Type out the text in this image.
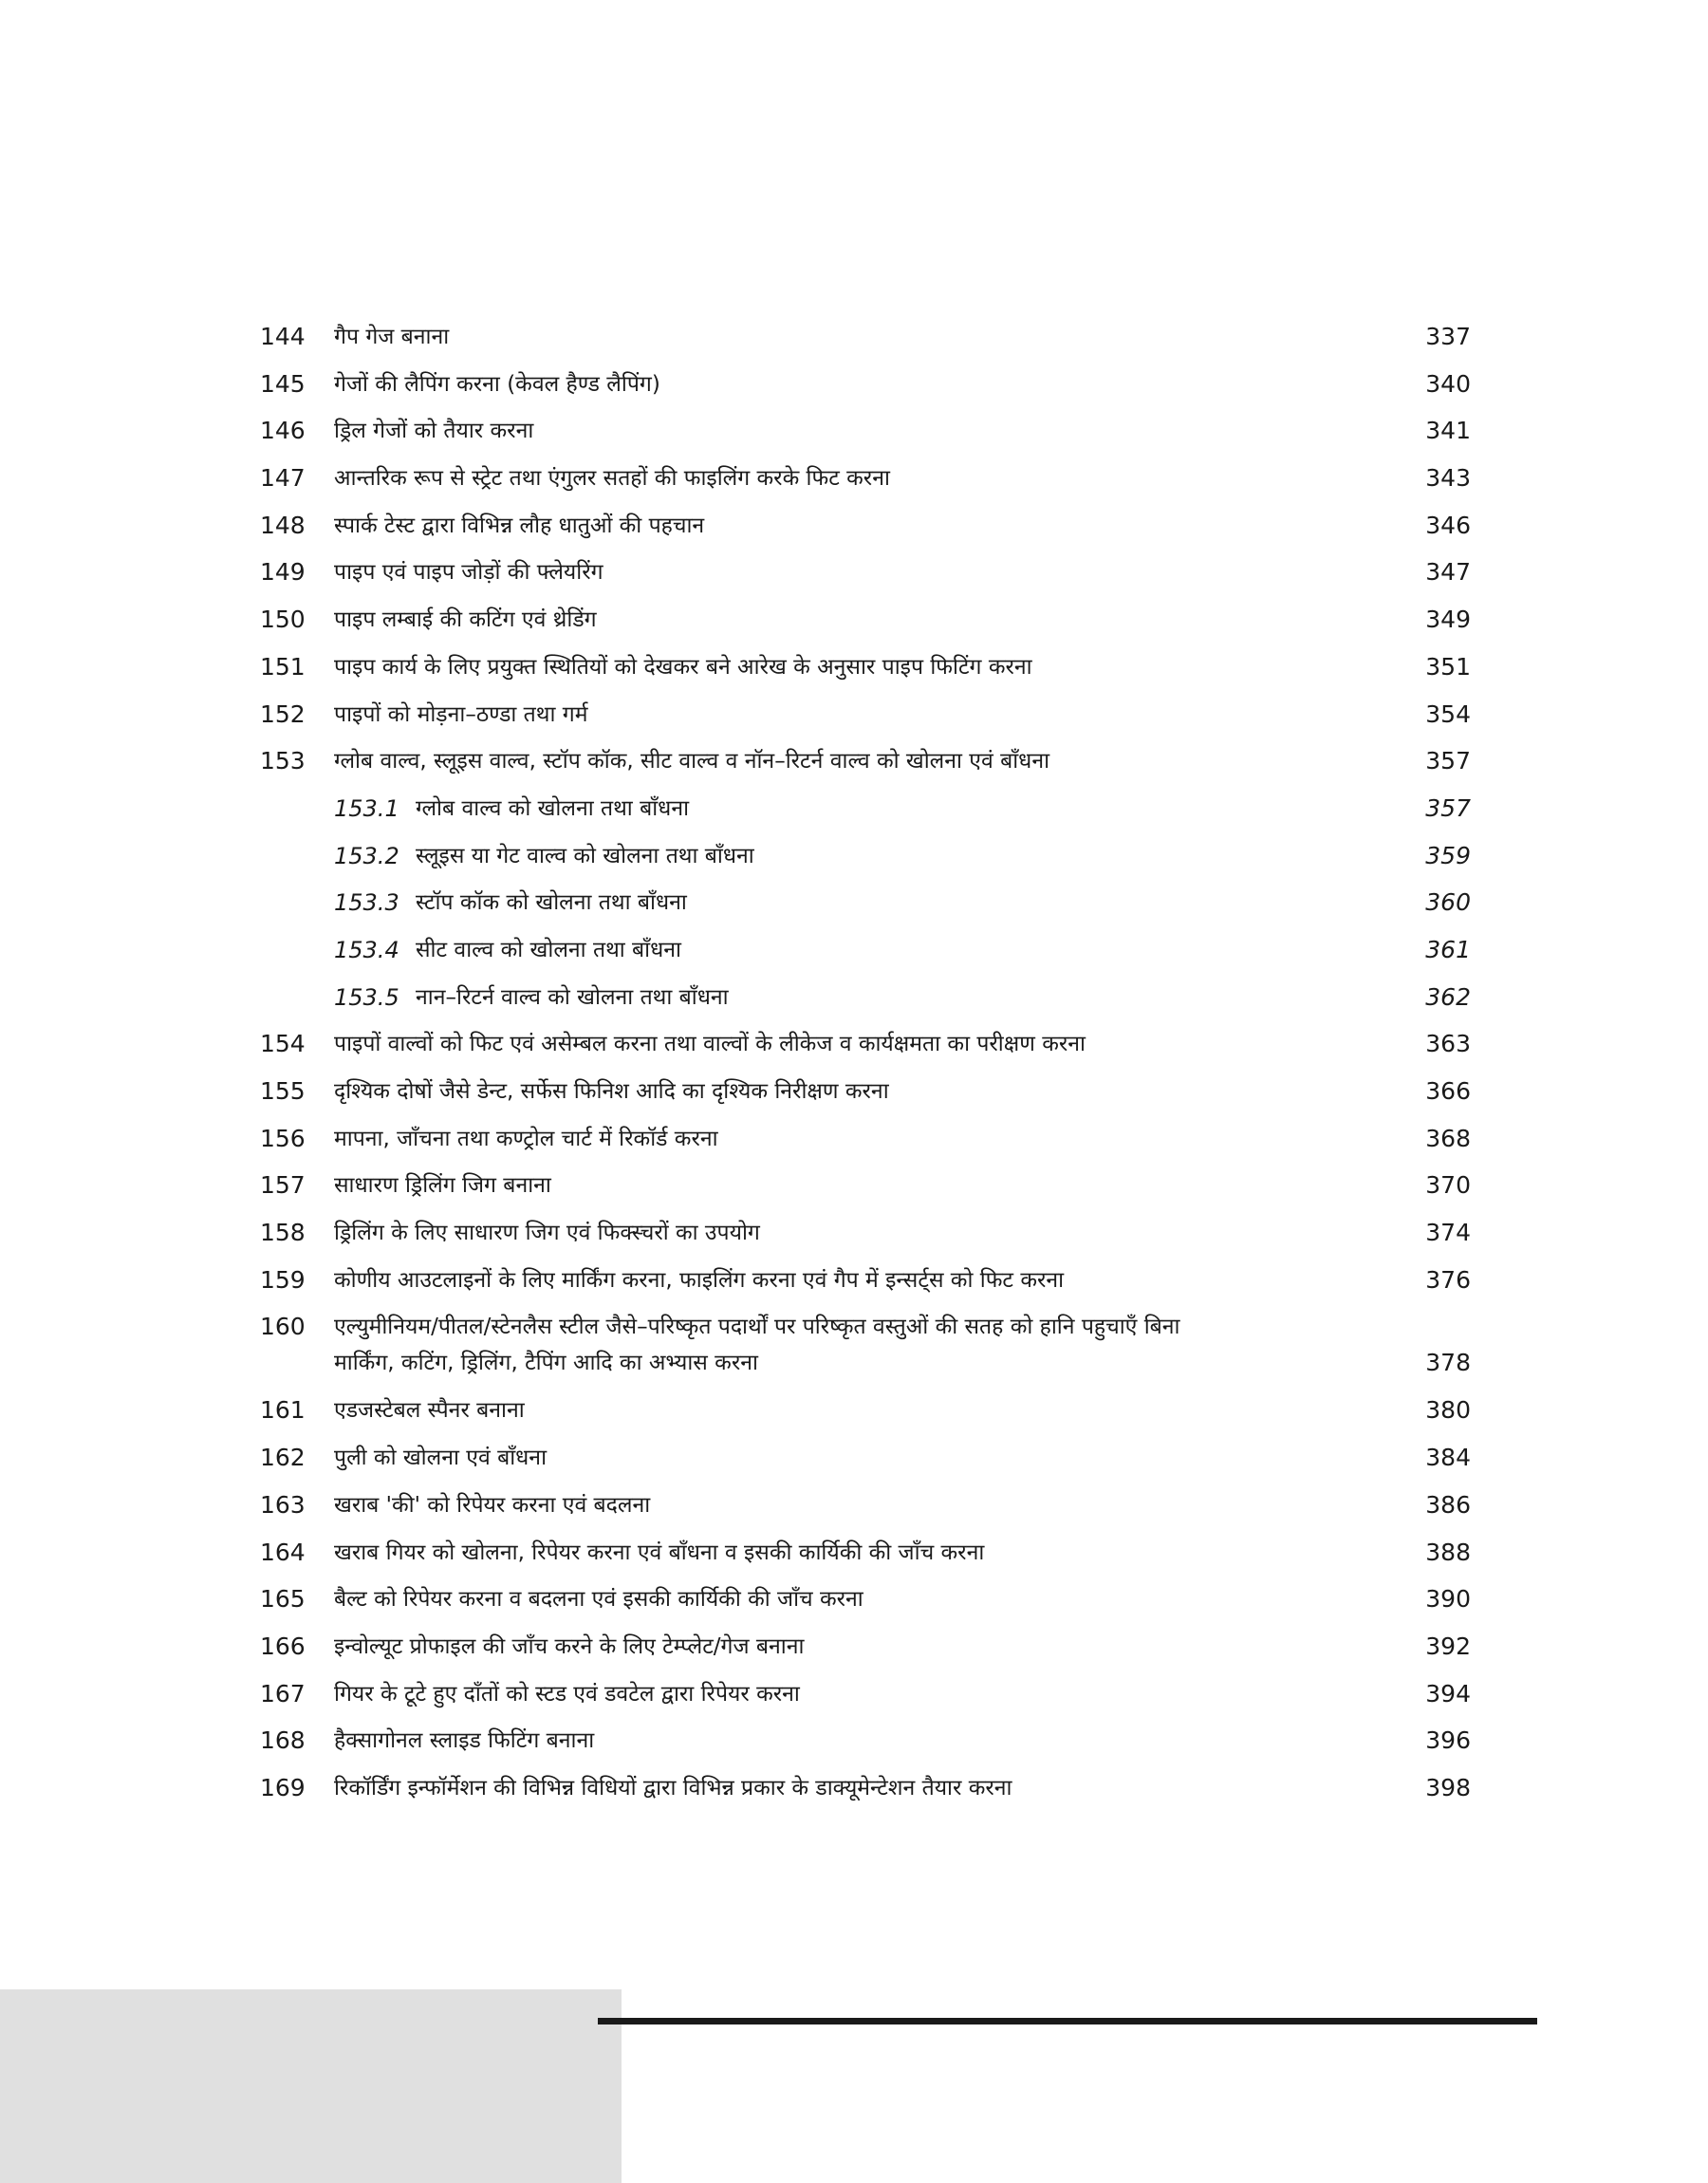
144	गैप गेज बनाना	337
145	गेजों की लैपिंग करना (केवल हैण्ड लैपिंग)	340
146	ड्रिल गेजों को तैयार करना	341
147	आन्तरिक रूप से स्ट्रेट तथा एंगुलर सतहों की फाइलिंग करके फिट करना	343
148	स्पार्क टेस्ट द्वारा विभिन्न लौह धातुओं की पहचान	346
149	पाइप एवं पाइप जोड़ों की फ्लेयरिंग	347
150	पाइप लम्बाई की कटिंग एवं थ्रेडिंग	349
151	पाइप कार्य के लिए प्रयुक्त स्थितियों को देखकर बने आरेख के अनुसार पाइप फिटिंग करना	351
152	पाइपों को मोड़ना–ठण्डा तथा गर्म	354
153	ग्लोब वाल्व, स्लूइस वाल्व, स्टॉप कॉक, सीट वाल्व व नॉन–रिटर्न वाल्व को खोलना एवं बाँधना	357
153.1 ग्लोब वाल्व को खोलना तथा बाँधना	357
153.2 स्लूइस या गेट वाल्व को खोलना तथा बाँधना	359
153.3 स्टॉप कॉक को खोलना तथा बाँधना	360
153.4 सीट वाल्व को खोलना तथा बाँधना	361
153.5 नान–रिटर्न वाल्व को खोलना तथा बाँधना	362
154	पाइपों वाल्वों को फिट एवं असेम्बल करना तथा वाल्वों के लीकेज व कार्यक्षमता का परीक्षण करना	363
155	दृश्यिक दोषों जैसे डेन्ट, सर्फेस फिनिश आदि का दृश्यिक निरीक्षण करना	366
156	मापना, जाँचना तथा कण्ट्रोल चार्ट में रिकॉर्ड करना	368
157	साधारण ड्रिलिंग जिग बनाना	370
158	ड्रिलिंग के लिए साधारण जिग एवं फिक्स्चरों का उपयोग	374
159	कोणीय आउटलाइनों के लिए मार्किंग करना, फाइलिंग करना एवं गैप में इन्सर्ट्स को फिट करना	376
160	एल्युमीनियम/पीतल/स्टेनलैस स्टील जैसे–परिष्कृत पदार्थों पर परिष्कृत वस्तुओं की सतह को हानि पहुचाएँ बिना
मार्किंग, कटिंग, ड्रिलिंग, टैपिंग आदि का अभ्यास करना	378
161	एडजस्टेबल स्पैनर बनाना	380
162	पुली को खोलना एवं बाँधना	384
163	खराब 'की' को रिपेयर करना एवं बदलना	386
164	खराब गियर को खोलना, रिपेयर करना एवं बाँधना व इसकी कार्यिकी की जाँच करना	388
165	बैल्ट को रिपेयर करना व बदलना एवं इसकी कार्यिकी की जाँच करना	390
166	इन्वोल्यूट प्रोफाइल की जाँच करने के लिए टेम्प्लेट/गेज बनाना	392
167	गियर के टूटे हुए दाँतों को स्टड एवं डवटेल द्वारा रिपेयर करना	394
168	हैक्सागोनल स्लाइड फिटिंग बनाना	396
169	रिकॉर्डिंग इन्फॉर्मेशन की विभिन्न विधियों द्वारा विभिन्न प्रकार के डाक्यूमेन्टेशन तैयार करना	398
